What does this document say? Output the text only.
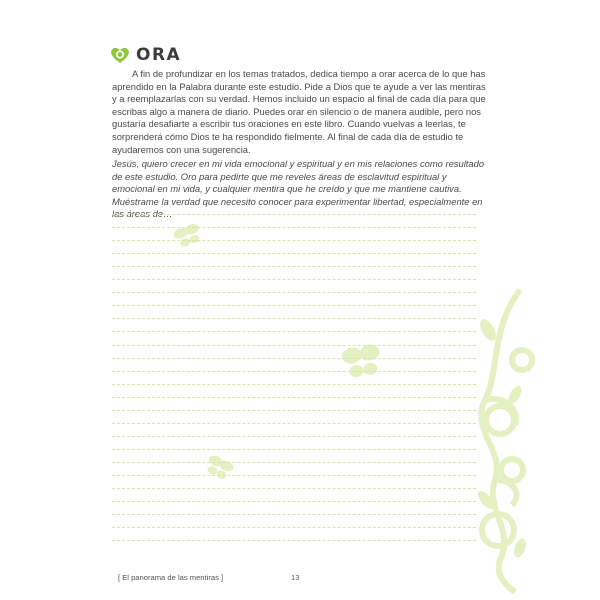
ORA

A fin de profundizar en los temas tratados, dedica tiempo a orar acerca de lo que has aprendido en la Palabra durante este estudio. Pide a Dios que te ayude a ver las mentiras y a reemplazarlas con su verdad. Hemos incluido un espacio al final de cada día para que escribas algo a manera de diario. Puedes orar en silencio o de manera audible, pero nos gustaría desafiarte a escribir tus oraciones en este libro. Cuando vuelvas a leerlas, te sorprenderá cómo Dios te ha respondido fielmente. Al final de cada día de estudio te ayudaremos con una sugerencia.

Jesús, quiero crecer en mi vida emocional y espiritual y en mis relaciones como resultado de este estudio. Oro para pedirte que me reveles áreas de esclavitud espiritual y emocional en mi vida, y cualquier mentira que he creído y que me mantiene cautiva. Muéstrame la verdad que necesito conocer para experimentar libertad, especialmente en las áreas de…

[ El panorama de las mentiras ]	13
